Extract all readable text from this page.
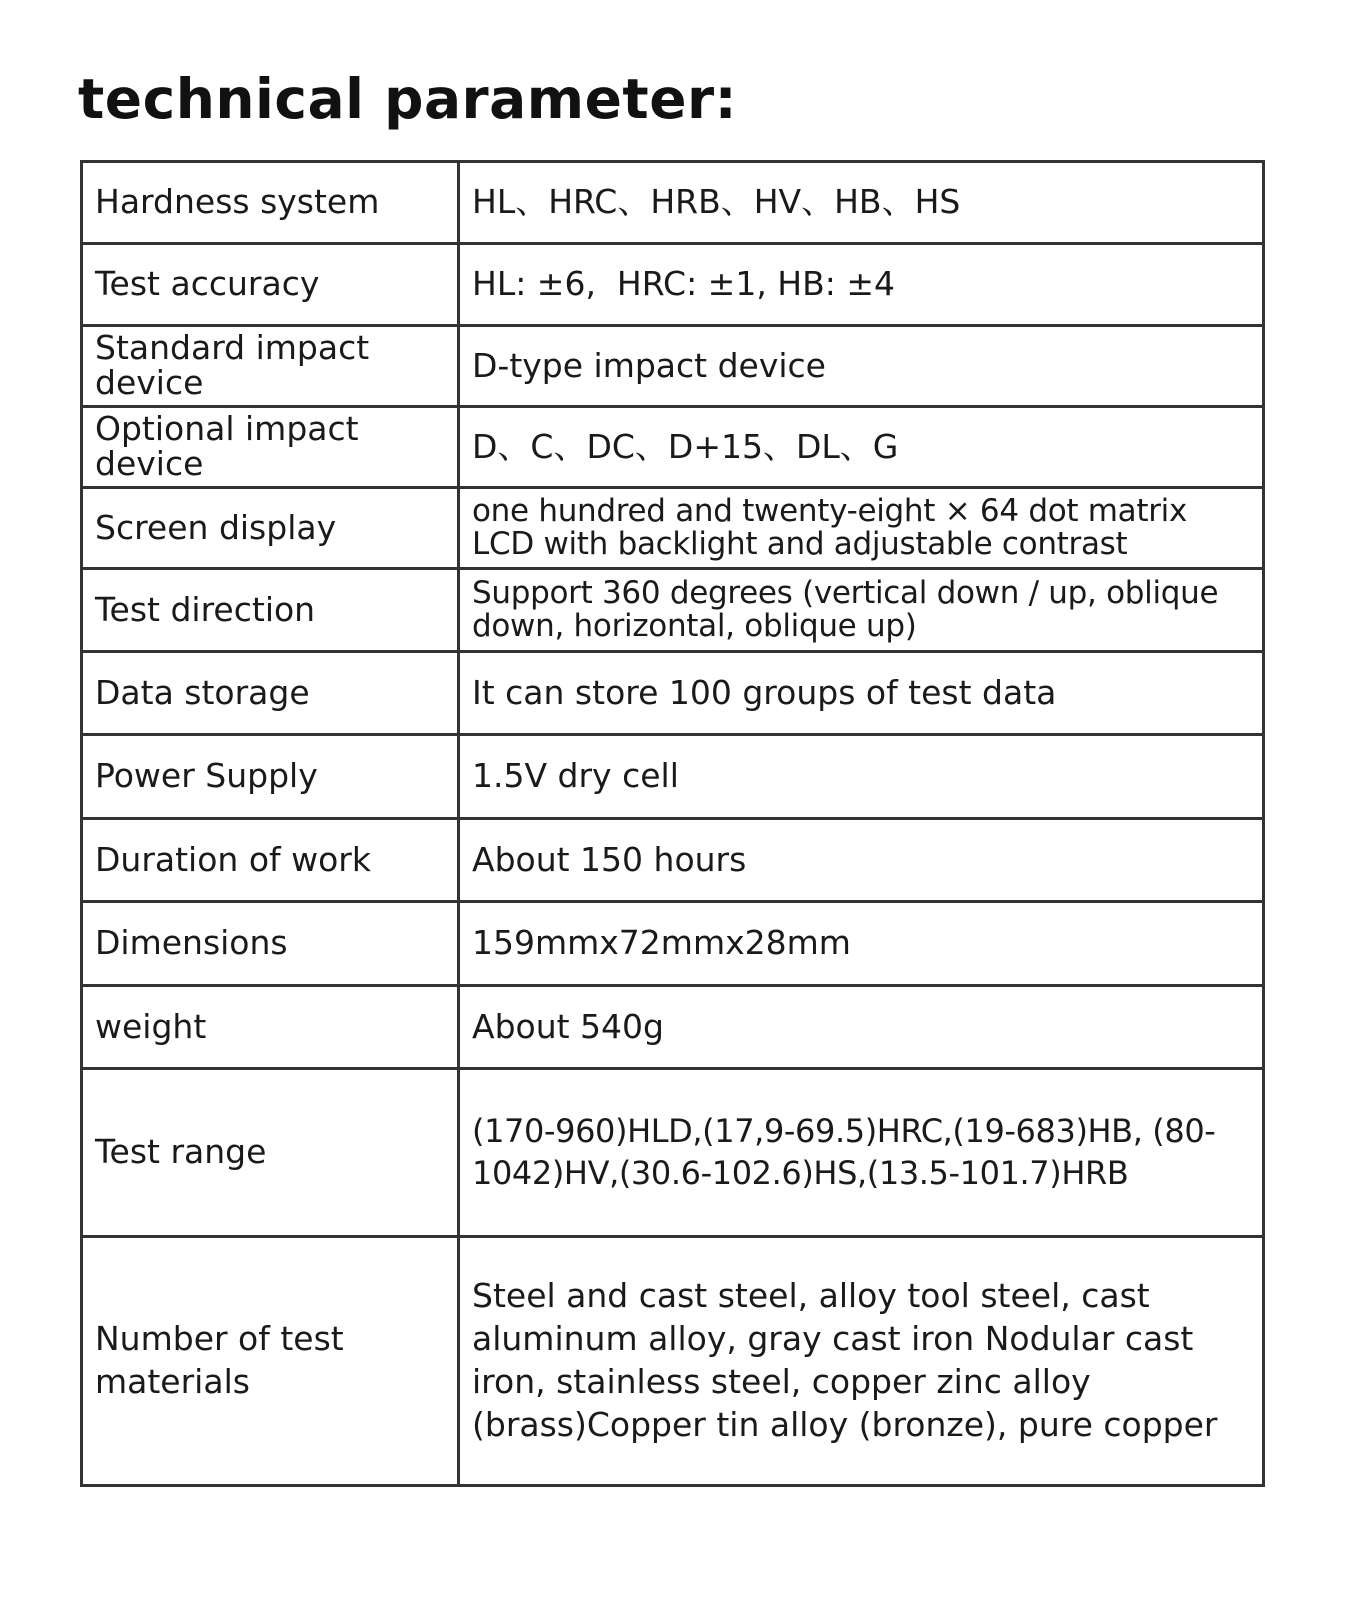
technical parameter:
Hardness system	HL、HRC、HRB、HV、HB、HS
Test accuracy	HL: ±6,  HRC: ±1, HB: ±4
Standard impact device	D-type impact device
Optional impact device	D、C、DC、D+15、DL、G
Screen display	one hundred and twenty-eight × 64 dot matrix LCD with backlight and adjustable contrast
Test direction	Support 360 degrees (vertical down / up, oblique down, horizontal, oblique up)
Data storage	It can store 100 groups of test data
Power Supply	1.5V dry cell
Duration of work	About 150 hours
Dimensions	159mmx72mmx28mm
weight	About 540g
Test range	(170-960)HLD,(17,9-69.5)HRC,(19-683)HB, (80-1042)HV,(30.6-102.6)HS,(13.5-101.7)HRB
Number of test materials	Steel and cast steel, alloy tool steel, cast aluminum alloy, gray cast iron Nodular cast iron, stainless steel, copper zinc alloy (brass)Copper tin alloy (bronze), pure copper
